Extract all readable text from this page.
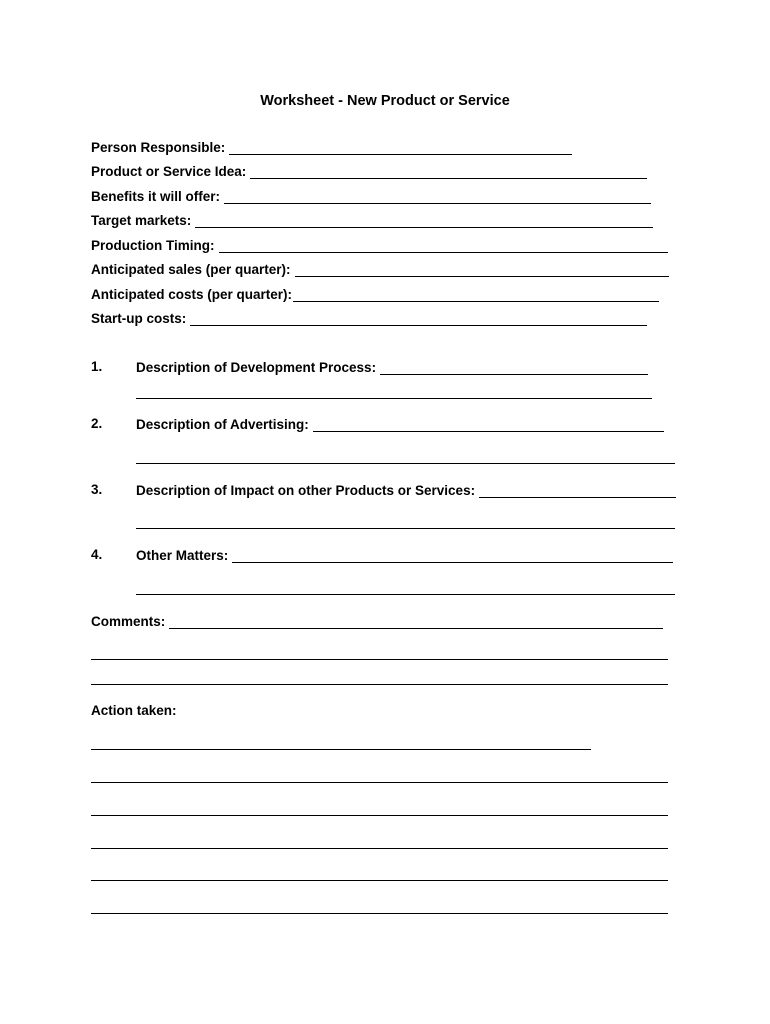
Worksheet - New Product or Service
Person Responsible:
Product or Service Idea:
Benefits it will offer:
Target markets:
Production Timing:
Anticipated sales (per quarter):
Anticipated costs (per quarter):
Start-up costs:
1. Description of Development Process:
2. Description of Advertising:
3. Description of Impact on other Products or Services:
4. Other Matters:
Comments:
Action taken:
